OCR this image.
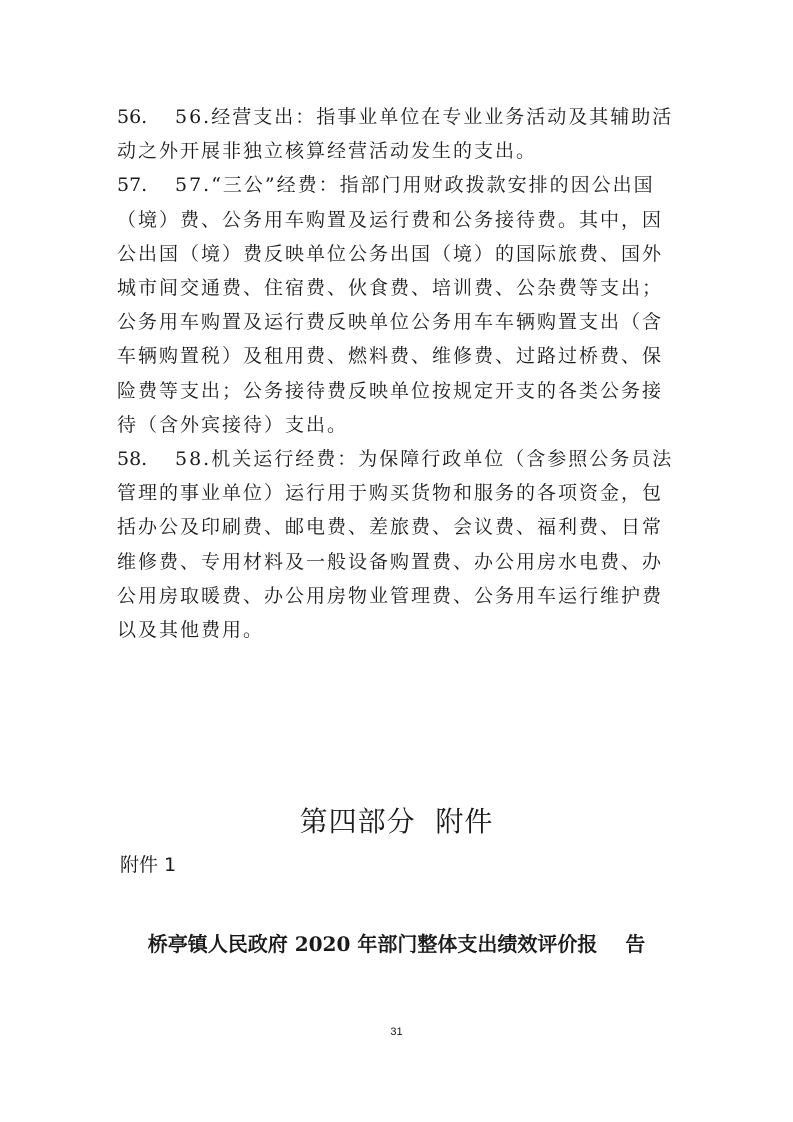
56. 56.经营支出：指事业单位在专业业务活动及其辅助活

动之外开展非独立核算经营活动发生的支出。

57. 57.“三公”经费：指部门用财政拨款安排的因公出国

（境）费、公务用车购置及运行费和公务接待费。其中，因

公出国（境）费反映单位公务出国（境）的国际旅费、国外

城市间交通费、住宿费、伙食费、培训费、公杂费等支出；

公务用车购置及运行费反映单位公务用车车辆购置支出（含

车辆购置税）及租用费、燃料费、维修费、过路过桥费、保

险费等支出；公务接待费反映单位按规定开支的各类公务接

待（含外宾接待）支出。

58. 58.机关运行经费：为保障行政单位（含参照公务员法

管理的事业单位）运行用于购买货物和服务的各项资金，包

括办公及印刷费、邮电费、差旅费、会议费、福利费、日常

维修费、专用材料及一般设备购置费、办公用房水电费、办

公用房取暖费、办公用房物业管理费、公务用车运行维护费

以及其他费用。

第四部分  附件
附件 1
桥亭镇人民政府 2020 年部门整体支出绩效评价报    告
31
